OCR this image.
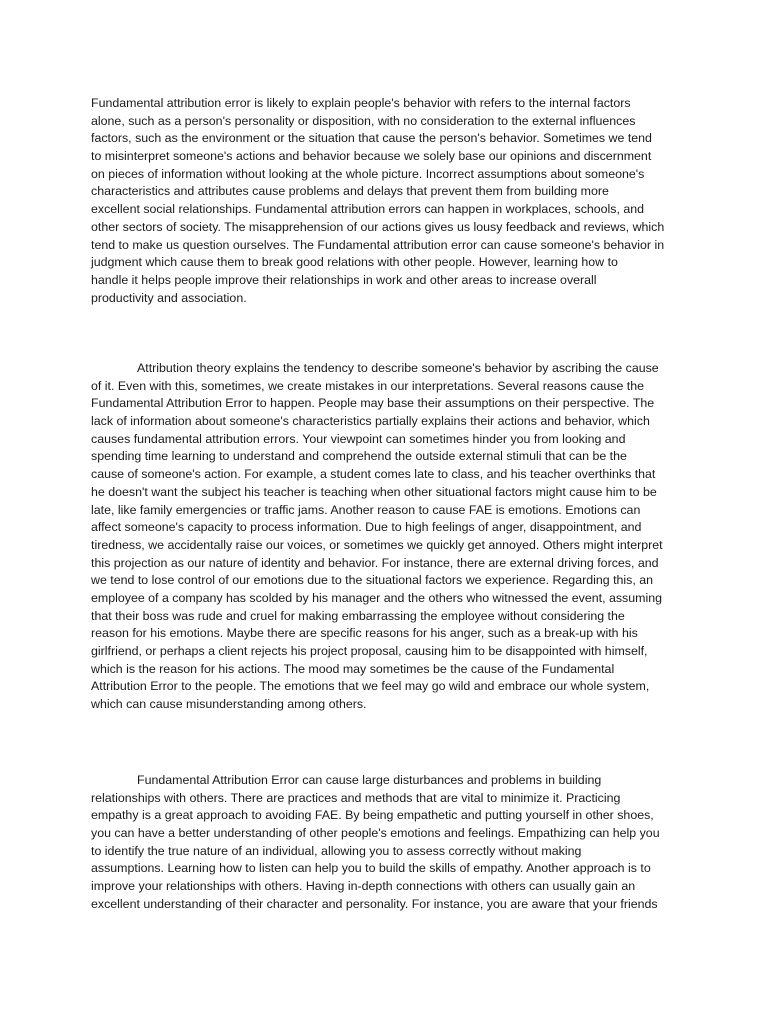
Fundamental attribution error is likely to explain people's behavior with refers to the internal factors
alone, such as a person's personality or disposition, with no consideration to the external influences
factors, such as the environment or the situation that cause the person's behavior. Sometimes we tend
to misinterpret someone's actions and behavior because we solely base our opinions and discernment
on pieces of information without looking at the whole picture. Incorrect assumptions about someone's
characteristics and attributes cause problems and delays that prevent them from building more
excellent social relationships. Fundamental attribution errors can happen in workplaces, schools, and
other sectors of society. The misapprehension of our actions gives us lousy feedback and reviews, which
tend to make us question ourselves. The Fundamental attribution error can cause someone's behavior in
judgment which cause them to break good relations with other people. However, learning how to
handle it helps people improve their relationships in work and other areas to increase overall
productivity and association.
Attribution theory explains the tendency to describe someone's behavior by ascribing the cause
of it. Even with this, sometimes, we create mistakes in our interpretations. Several reasons cause the
Fundamental Attribution Error to happen. People may base their assumptions on their perspective. The
lack of information about someone's characteristics partially explains their actions and behavior, which
causes fundamental attribution errors. Your viewpoint can sometimes hinder you from looking and
spending time learning to understand and comprehend the outside external stimuli that can be the
cause of someone's action. For example, a student comes late to class, and his teacher overthinks that
he doesn't want the subject his teacher is teaching when other situational factors might cause him to be
late, like family emergencies or traffic jams. Another reason to cause FAE is emotions. Emotions can
affect someone's capacity to process information. Due to high feelings of anger, disappointment, and
tiredness, we accidentally raise our voices, or sometimes we quickly get annoyed. Others might interpret
this projection as our nature of identity and behavior. For instance, there are external driving forces, and
we tend to lose control of our emotions due to the situational factors we experience. Regarding this, an
employee of a company has scolded by his manager and the others who witnessed the event, assuming
that their boss was rude and cruel for making embarrassing the employee without considering the
reason for his emotions. Maybe there are specific reasons for his anger, such as a break-up with his
girlfriend, or perhaps a client rejects his project proposal, causing him to be disappointed with himself,
which is the reason for his actions. The mood may sometimes be the cause of the Fundamental
Attribution Error to the people. The emotions that we feel may go wild and embrace our whole system,
which can cause misunderstanding among others.
Fundamental Attribution Error can cause large disturbances and problems in building
relationships with others. There are practices and methods that are vital to minimize it. Practicing
empathy is a great approach to avoiding FAE. By being empathetic and putting yourself in other shoes,
you can have a better understanding of other people's emotions and feelings. Empathizing can help you
to identify the true nature of an individual, allowing you to assess correctly without making
assumptions. Learning how to listen can help you to build the skills of empathy. Another approach is to
improve your relationships with others. Having in-depth connections with others can usually gain an
excellent understanding of their character and personality. For instance, you are aware that your friends
